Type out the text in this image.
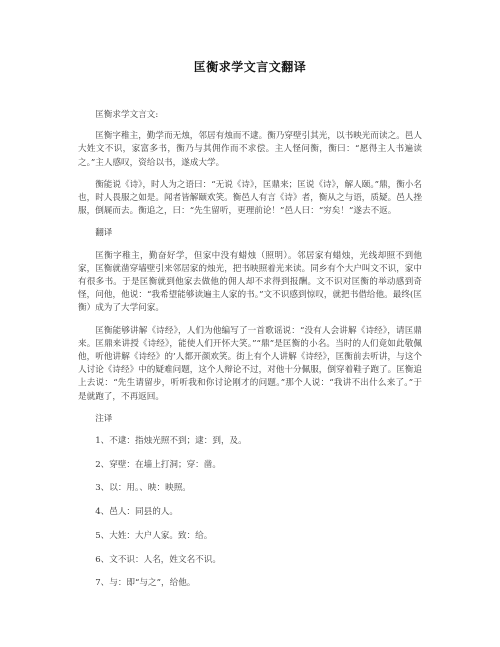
匡衡求学文言文翻译
匡衡求学文言文:

匡衡字稚主，勤学而无烛，邻居有烛而不逮。衡乃穿壁引其光，以书映光而读之。邑人大姓文不识，家富多书，衡乃与其佣作而不求偿。主人怪问衡，衡曰：“愿得主人书遍读之。”主人感叹，资给以书，遂成大学。

衡能说《诗》，时人为之语曰：“无说《诗》，匡鼎来；匡说《诗》，解人颐。”鼎，衡小名也，时人畏服之如是。闻者皆解颐欢笑。衡邑人有言《诗》者，衡从之与语，质疑。邑人挫服，倒屣而去。衡追之，曰：“先生留听，更理前论！”邑人曰：“穷矣！”遂去不返。

翻译

匡衡字稚主，勤奋好学，但家中没有蜡烛（照明）。邻居家有蜡烛，光线却照不到他家，匡衡就凿穿墙壁引来邻居家的烛光，把书映照着光来读。同乡有个大户叫文不识，家中有很多书。于是匡衡就到他家去做他的佣人却不求得到报酬。文不识对匡衡的举动感到奇怪，问他，他说：“我希望能够读遍主人家的书。”文不识感到惊叹，就把书借给他。最终(匡衡）成为了大学问家。

匡衡能够讲解《诗经》，人们为他编写了一首歌谣说：“没有人会讲解《诗经》，请匡鼎来。匡鼎来讲授《诗经》，能使人们开怀大笑。”“鼎”是匡衡的小名。当时的人们竟如此敬佩他，听他讲解《诗经》的’人都开颜欢笑。街上有个人讲解《诗经》，匡衡前去听讲，与这个人讨论《诗经》中的疑难问题，这个人辩论不过，对他十分佩服，倒穿着鞋子跑了。匡衡追上去说：“先生请留步，听听我和你讨论刚才的问题。”那个人说：“我讲不出什么来了。”于是就跑了，不再返回。

注译
1、不逮：指烛光照不到；逮：到，及。
2、穿壁：在墙上打洞；穿：凿。
3、以：用。、映：映照。
4、邑人：同县的人。
5、大姓：大户人家。致：给。
6、文不识：人名，姓文名不识。
7、与：即“与之”，给他。
